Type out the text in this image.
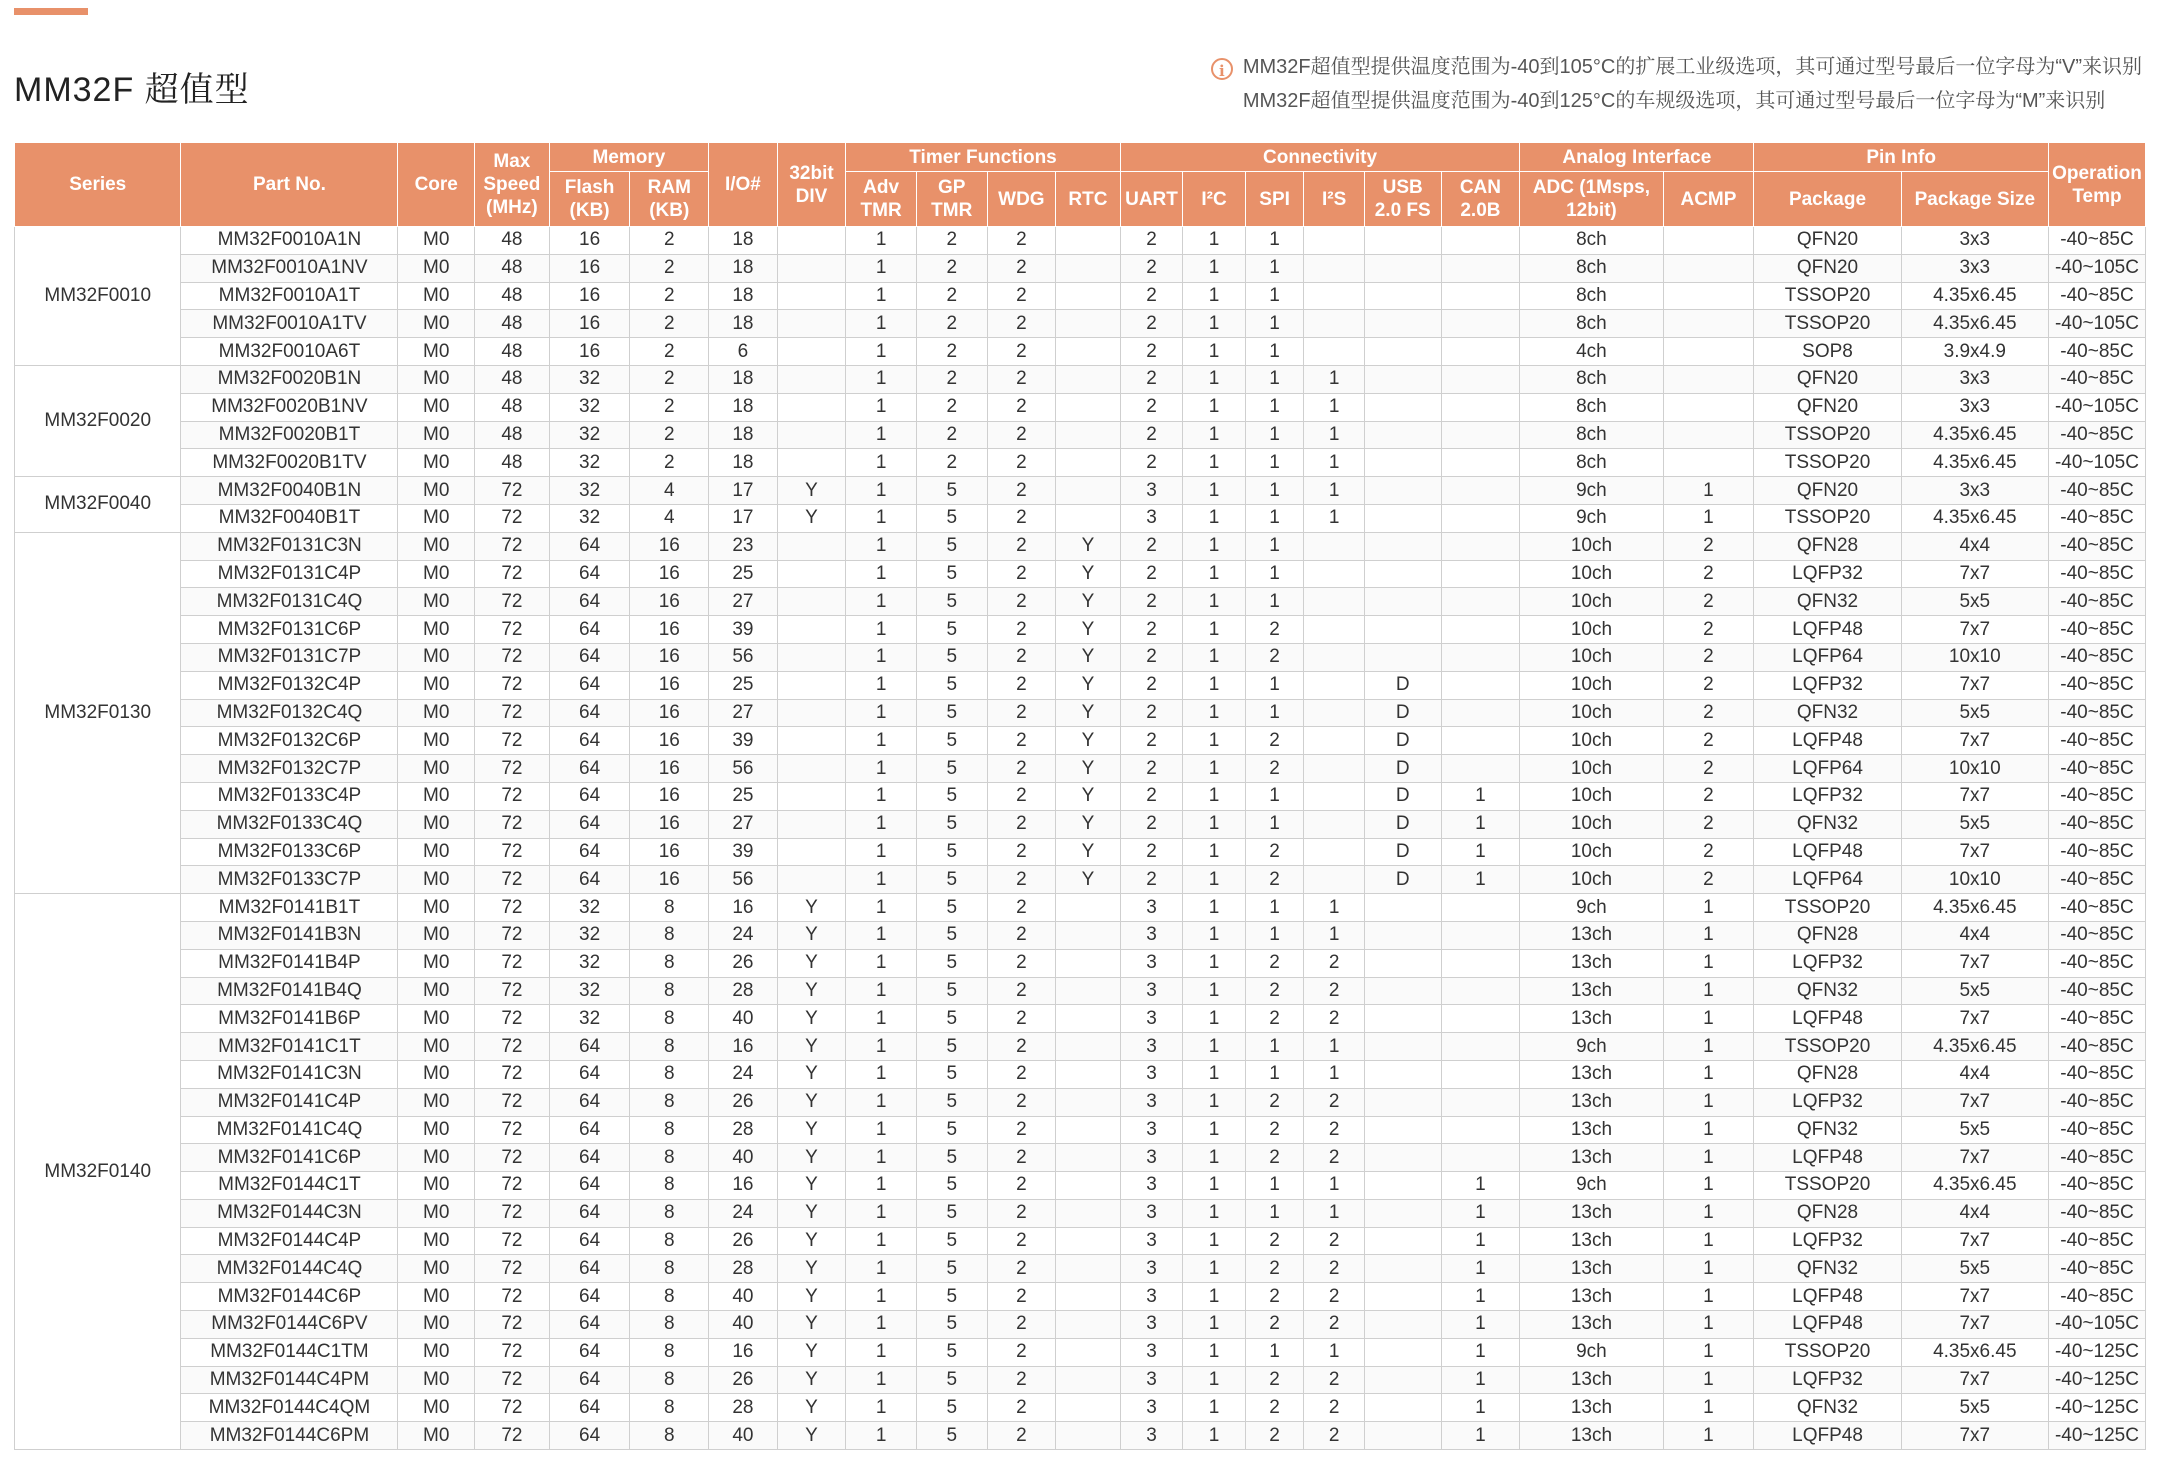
MM32F 超值型	i MM32F超值型提供温度范围为-40到105°C的扩展工业级选项，其可通过型号最后一位字母为“V”来识别
MM32F超值型提供温度范围为-40到125°C的车规级选项，其可通过型号最后一位字母为“M”来识别
Series	Part No.	Core	Max Speed (MHz)	Memory		I/O#	32bit DIV	Timer Functions				Connectivity						Analog Interface		Pin Info		Operation Temp
				Flash (KB)	RAM (KB)			Adv TMR	GP TMR	WDG	RTC	UART	I²C	SPI	I²S	USB 2.0 FS	CAN 2.0B	ADC (1Msps, 12bit)	ACMP	Package	Package Size	
MM32F0010	MM32F0010A1N	M0	48	16	2	18		1	2	2		2	1	1				8ch		QFN20	3x3	-40~85C
	MM32F0010A1NV	M0	48	16	2	18		1	2	2		2	1	1				8ch		QFN20	3x3	-40~105C
	MM32F0010A1T	M0	48	16	2	18		1	2	2		2	1	1				8ch		TSSOP20	4.35x6.45	-40~85C
	MM32F0010A1TV	M0	48	16	2	18		1	2	2		2	1	1				8ch		TSSOP20	4.35x6.45	-40~105C
	MM32F0010A6T	M0	48	16	2	6		1	2	2		2	1	1				4ch		SOP8	3.9x4.9	-40~85C
MM32F0020	MM32F0020B1N	M0	48	32	2	18		1	2	2		2	1	1	1			8ch		QFN20	3x3	-40~85C
	MM32F0020B1NV	M0	48	32	2	18		1	2	2		2	1	1	1			8ch		QFN20	3x3	-40~105C
	MM32F0020B1T	M0	48	32	2	18		1	2	2		2	1	1	1			8ch		TSSOP20	4.35x6.45	-40~85C
	MM32F0020B1TV	M0	48	32	2	18		1	2	2		2	1	1	1			8ch		TSSOP20	4.35x6.45	-40~105C
MM32F0040	MM32F0040B1N	M0	72	32	4	17	Y	1	5	2		3	1	1	1			9ch	1	QFN20	3x3	-40~85C
	MM32F0040B1T	M0	72	32	4	17	Y	1	5	2		3	1	1	1			9ch	1	TSSOP20	4.35x6.45	-40~85C
MM32F0130	MM32F0131C3N	M0	72	64	16	23		1	5	2	Y	2	1	1				10ch	2	QFN28	4x4	-40~85C
	MM32F0131C4P	M0	72	64	16	25		1	5	2	Y	2	1	1				10ch	2	LQFP32	7x7	-40~85C
	MM32F0131C4Q	M0	72	64	16	27		1	5	2	Y	2	1	1				10ch	2	QFN32	5x5	-40~85C
	MM32F0131C6P	M0	72	64	16	39		1	5	2	Y	2	1	2				10ch	2	LQFP48	7x7	-40~85C
	MM32F0131C7P	M0	72	64	16	56		1	5	2	Y	2	1	2				10ch	2	LQFP64	10x10	-40~85C
	MM32F0132C4P	M0	72	64	16	25		1	5	2	Y	2	1	1		D		10ch	2	LQFP32	7x7	-40~85C
	MM32F0132C4Q	M0	72	64	16	27		1	5	2	Y	2	1	1		D		10ch	2	QFN32	5x5	-40~85C
	MM32F0132C6P	M0	72	64	16	39		1	5	2	Y	2	1	2		D		10ch	2	LQFP48	7x7	-40~85C
	MM32F0132C7P	M0	72	64	16	56		1	5	2	Y	2	1	2		D		10ch	2	LQFP64	10x10	-40~85C
	MM32F0133C4P	M0	72	64	16	25		1	5	2	Y	2	1	1		D	1	10ch	2	LQFP32	7x7	-40~85C
	MM32F0133C4Q	M0	72	64	16	27		1	5	2	Y	2	1	1		D	1	10ch	2	QFN32	5x5	-40~85C
	MM32F0133C6P	M0	72	64	16	39		1	5	2	Y	2	1	2		D	1	10ch	2	LQFP48	7x7	-40~85C
	MM32F0133C7P	M0	72	64	16	56		1	5	2	Y	2	1	2		D	1	10ch	2	LQFP64	10x10	-40~85C
MM32F0140	MM32F0141B1T	M0	72	32	8	16	Y	1	5	2		3	1	1	1			9ch	1	TSSOP20	4.35x6.45	-40~85C
	MM32F0141B3N	M0	72	32	8	24	Y	1	5	2		3	1	1	1			13ch	1	QFN28	4x4	-40~85C
	MM32F0141B4P	M0	72	32	8	26	Y	1	5	2		3	1	2	2			13ch	1	LQFP32	7x7	-40~85C
	MM32F0141B4Q	M0	72	32	8	28	Y	1	5	2		3	1	2	2			13ch	1	QFN32	5x5	-40~85C
	MM32F0141B6P	M0	72	32	8	40	Y	1	5	2		3	1	2	2			13ch	1	LQFP48	7x7	-40~85C
	MM32F0141C1T	M0	72	64	8	16	Y	1	5	2		3	1	1	1			9ch	1	TSSOP20	4.35x6.45	-40~85C
	MM32F0141C3N	M0	72	64	8	24	Y	1	5	2		3	1	1	1			13ch	1	QFN28	4x4	-40~85C
	MM32F0141C4P	M0	72	64	8	26	Y	1	5	2		3	1	2	2			13ch	1	LQFP32	7x7	-40~85C
	MM32F0141C4Q	M0	72	64	8	28	Y	1	5	2		3	1	2	2			13ch	1	QFN32	5x5	-40~85C
	MM32F0141C6P	M0	72	64	8	40	Y	1	5	2		3	1	2	2			13ch	1	LQFP48	7x7	-40~85C
	MM32F0144C1T	M0	72	64	8	16	Y	1	5	2		3	1	1	1		1	9ch	1	TSSOP20	4.35x6.45	-40~85C
	MM32F0144C3N	M0	72	64	8	24	Y	1	5	2		3	1	1	1		1	13ch	1	QFN28	4x4	-40~85C
	MM32F0144C4P	M0	72	64	8	26	Y	1	5	2		3	1	2	2		1	13ch	1	LQFP32	7x7	-40~85C
	MM32F0144C4Q	M0	72	64	8	28	Y	1	5	2		3	1	2	2		1	13ch	1	QFN32	5x5	-40~85C
	MM32F0144C6P	M0	72	64	8	40	Y	1	5	2		3	1	2	2		1	13ch	1	LQFP48	7x7	-40~85C
	MM32F0144C6PV	M0	72	64	8	40	Y	1	5	2		3	1	2	2		1	13ch	1	LQFP48	7x7	-40~105C
	MM32F0144C1TM	M0	72	64	8	16	Y	1	5	2		3	1	1	1		1	9ch	1	TSSOP20	4.35x6.45	-40~125C
	MM32F0144C4PM	M0	72	64	8	26	Y	1	5	2		3	1	2	2		1	13ch	1	LQFP32	7x7	-40~125C
	MM32F0144C4QM	M0	72	64	8	28	Y	1	5	2		3	1	2	2		1	13ch	1	QFN32	5x5	-40~125C
	MM32F0144C6PM	M0	72	64	8	40	Y	1	5	2		3	1	2	2		1	13ch	1	LQFP48	7x7	-40~125C
